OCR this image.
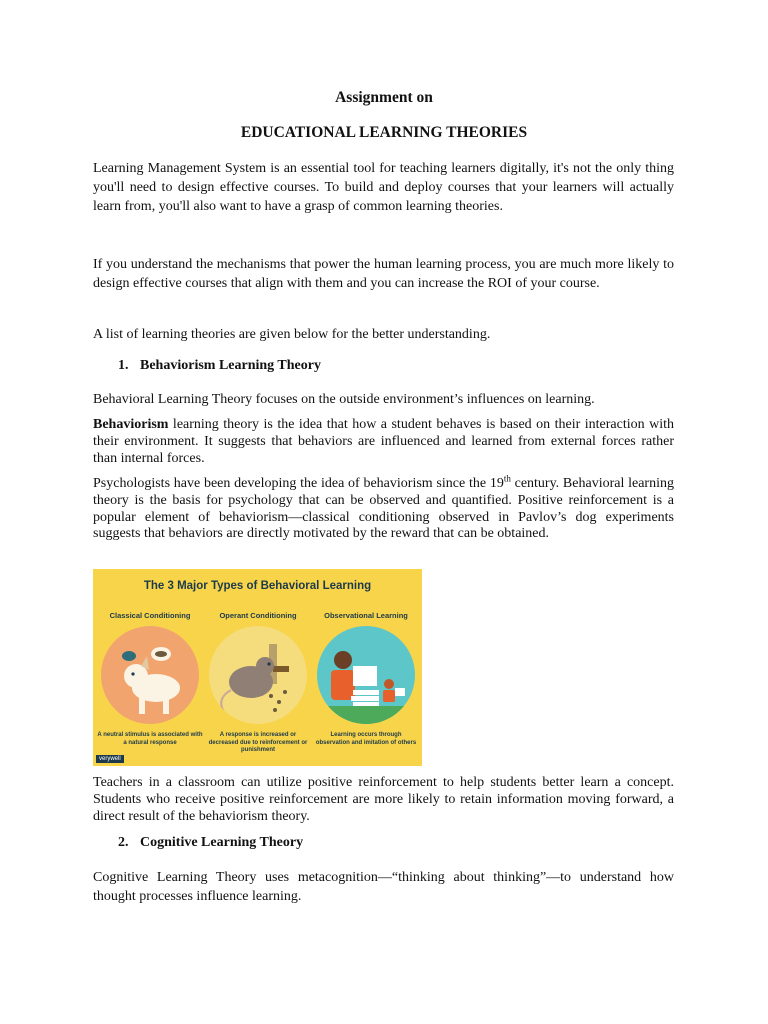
Assignment on
EDUCATIONAL LEARNING THEORIES

Learning Management System is an essential tool for teaching learners digitally, it's not the only thing you'll need to design effective courses. To build and deploy courses that your learners will actually learn from, you'll also want to have a grasp of common learning theories.

If you understand the mechanisms that power the human learning process, you are much more likely to design effective courses that align with them and you can increase the ROI of your course.

A list of learning theories are given below for the better understanding.

1. Behaviorism Learning Theory

Behavioral Learning Theory focuses on the outside environment’s influences on learning.

Behaviorism learning theory is the idea that how a student behaves is based on their interaction with their environment. It suggests that behaviors are influenced and learned from external forces rather than internal forces.

Psychologists have been developing the idea of behaviorism since the 19th century. Behavioral learning theory is the basis for psychology that can be observed and quantified. Positive reinforcement is a popular element of behaviorism—classical conditioning observed in Pavlov’s dog experiments suggests that behaviors are directly motivated by the reward that can be obtained.

The 3 Major Types of Behavioral Learning
Classical Conditioning
A neutral stimulus is associated with a natural response
Operant Conditioning
A response is increased or decreased due to reinforcement or punishment
Observational Learning
Learning occurs through observation and imitation of others
verywell

Teachers in a classroom can utilize positive reinforcement to help students better learn a concept. Students who receive positive reinforcement are more likely to retain information moving forward, a direct result of the behaviorism theory.

2. Cognitive Learning Theory

Cognitive Learning Theory uses metacognition—“thinking about thinking”—to understand how thought processes influence learning.
